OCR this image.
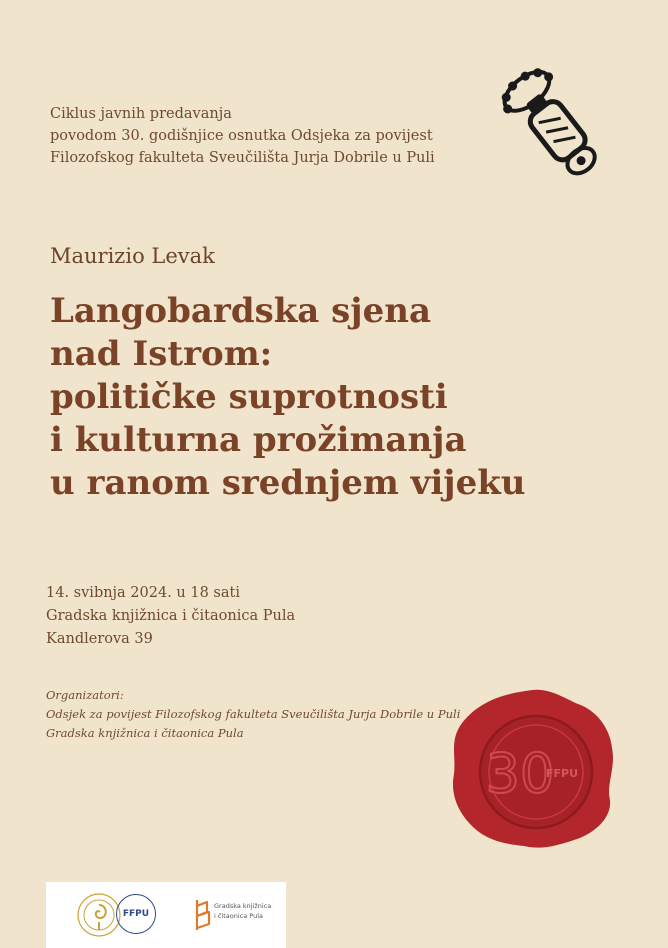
Ciklus javnih predavanja
povodom 30. godišnjice osnutka Odsjeka za povijest
Filozofskog fakulteta Sveučilišta Jurja Dobrile u Puli
Maurizio Levak
Langobardska sjena
nad Istrom:
političke suprotnosti
i kulturna prožimanja
u ranom srednjem vijeku
14. svibnja 2024. u 18 sati
Gradska knjižnica i čitaonica Pula
Kandlerova 39
Organizatori:
Odsjek za povijest Filozofskog fakulteta Sveučilišta Jurja Dobrile u Puli
Gradska knjižnica i čitaonica Pula
30
FFPU
FFPU
Gradska knjižnica
i čitaonica Pula
